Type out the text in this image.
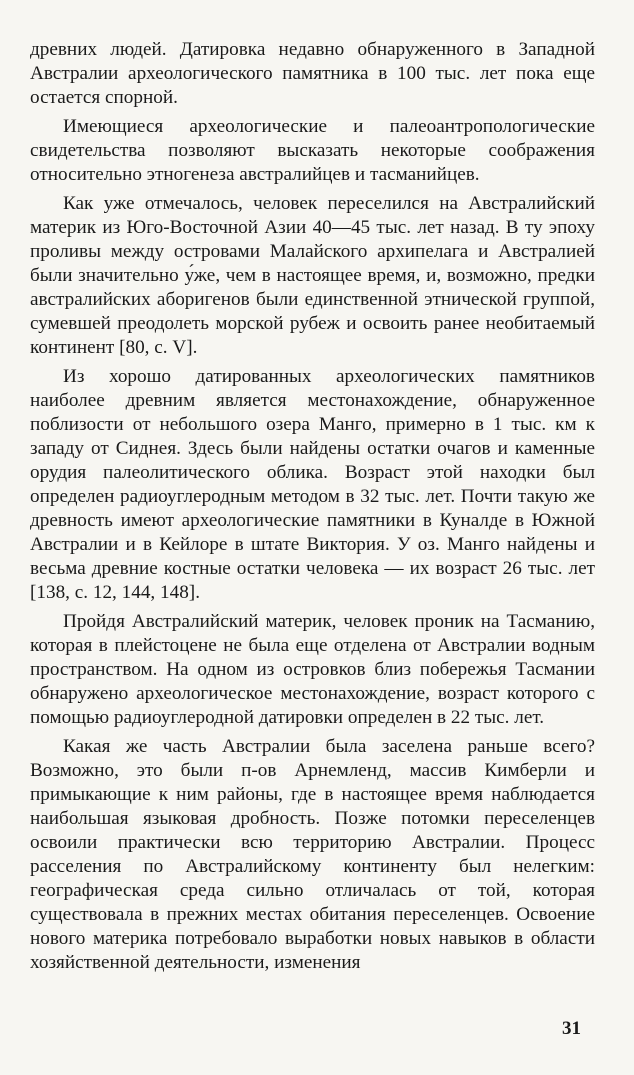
древних людей. Датировка недавно обнаруженного в Западной Австралии археологического памятника в 100 тыс. лет пока еще остается спорной.

Имеющиеся археологические и палеоантропологические свидетельства позволяют высказать некоторые соображения относительно этногенеза австралийцев и тасманийцев.

Как уже отмечалось, человек переселился на Австралийский материк из Юго-Восточной Азии 40—45 тыс. лет назад. В ту эпоху проливы между островами Малайского архипелага и Австралией были значительно у́же, чем в настоящее время, и, возможно, предки австралийских аборигенов были единственной этнической группой, сумевшей преодолеть морской рубеж и освоить ранее необитаемый континент [80, с. V].

Из хорошо датированных археологических памятников наиболее древним является местонахождение, обнаруженное поблизости от небольшого озера Манго, примерно в 1 тыс. км к западу от Сиднея. Здесь были найдены остатки очагов и каменные орудия палеолитического облика. Возраст этой находки был определен радиоуглеродным методом в 32 тыс. лет. Почти такую же древность имеют археологические памятники в Куналде в Южной Австралии и в Кейлоре в штате Виктория. У оз. Манго найдены и весьма древние костные остатки человека — их возраст 26 тыс. лет [138, с. 12, 144, 148].

Пройдя Австралийский материк, человек проник на Тасманию, которая в плейстоцене не была еще отделена от Австралии водным пространством. На одном из островков близ побережья Тасмании обнаружено археологическое местонахождение, возраст которого с помощью радиоуглеродной датировки определен в 22 тыс. лет.

Какая же часть Австралии была заселена раньше всего? Возможно, это были п-ов Арнемленд, массив Кимберли и примыкающие к ним районы, где в настоящее время наблюдается наибольшая языковая дробность. Позже потомки переселенцев освоили практически всю территорию Австралии. Процесс расселения по Австралийскому континенту был нелегким: географическая среда сильно отличалась от той, которая существовала в прежних местах обитания переселенцев. Освоение нового материка потребовало выработки новых навыков в области хозяйственной деятельности, изменения

31
